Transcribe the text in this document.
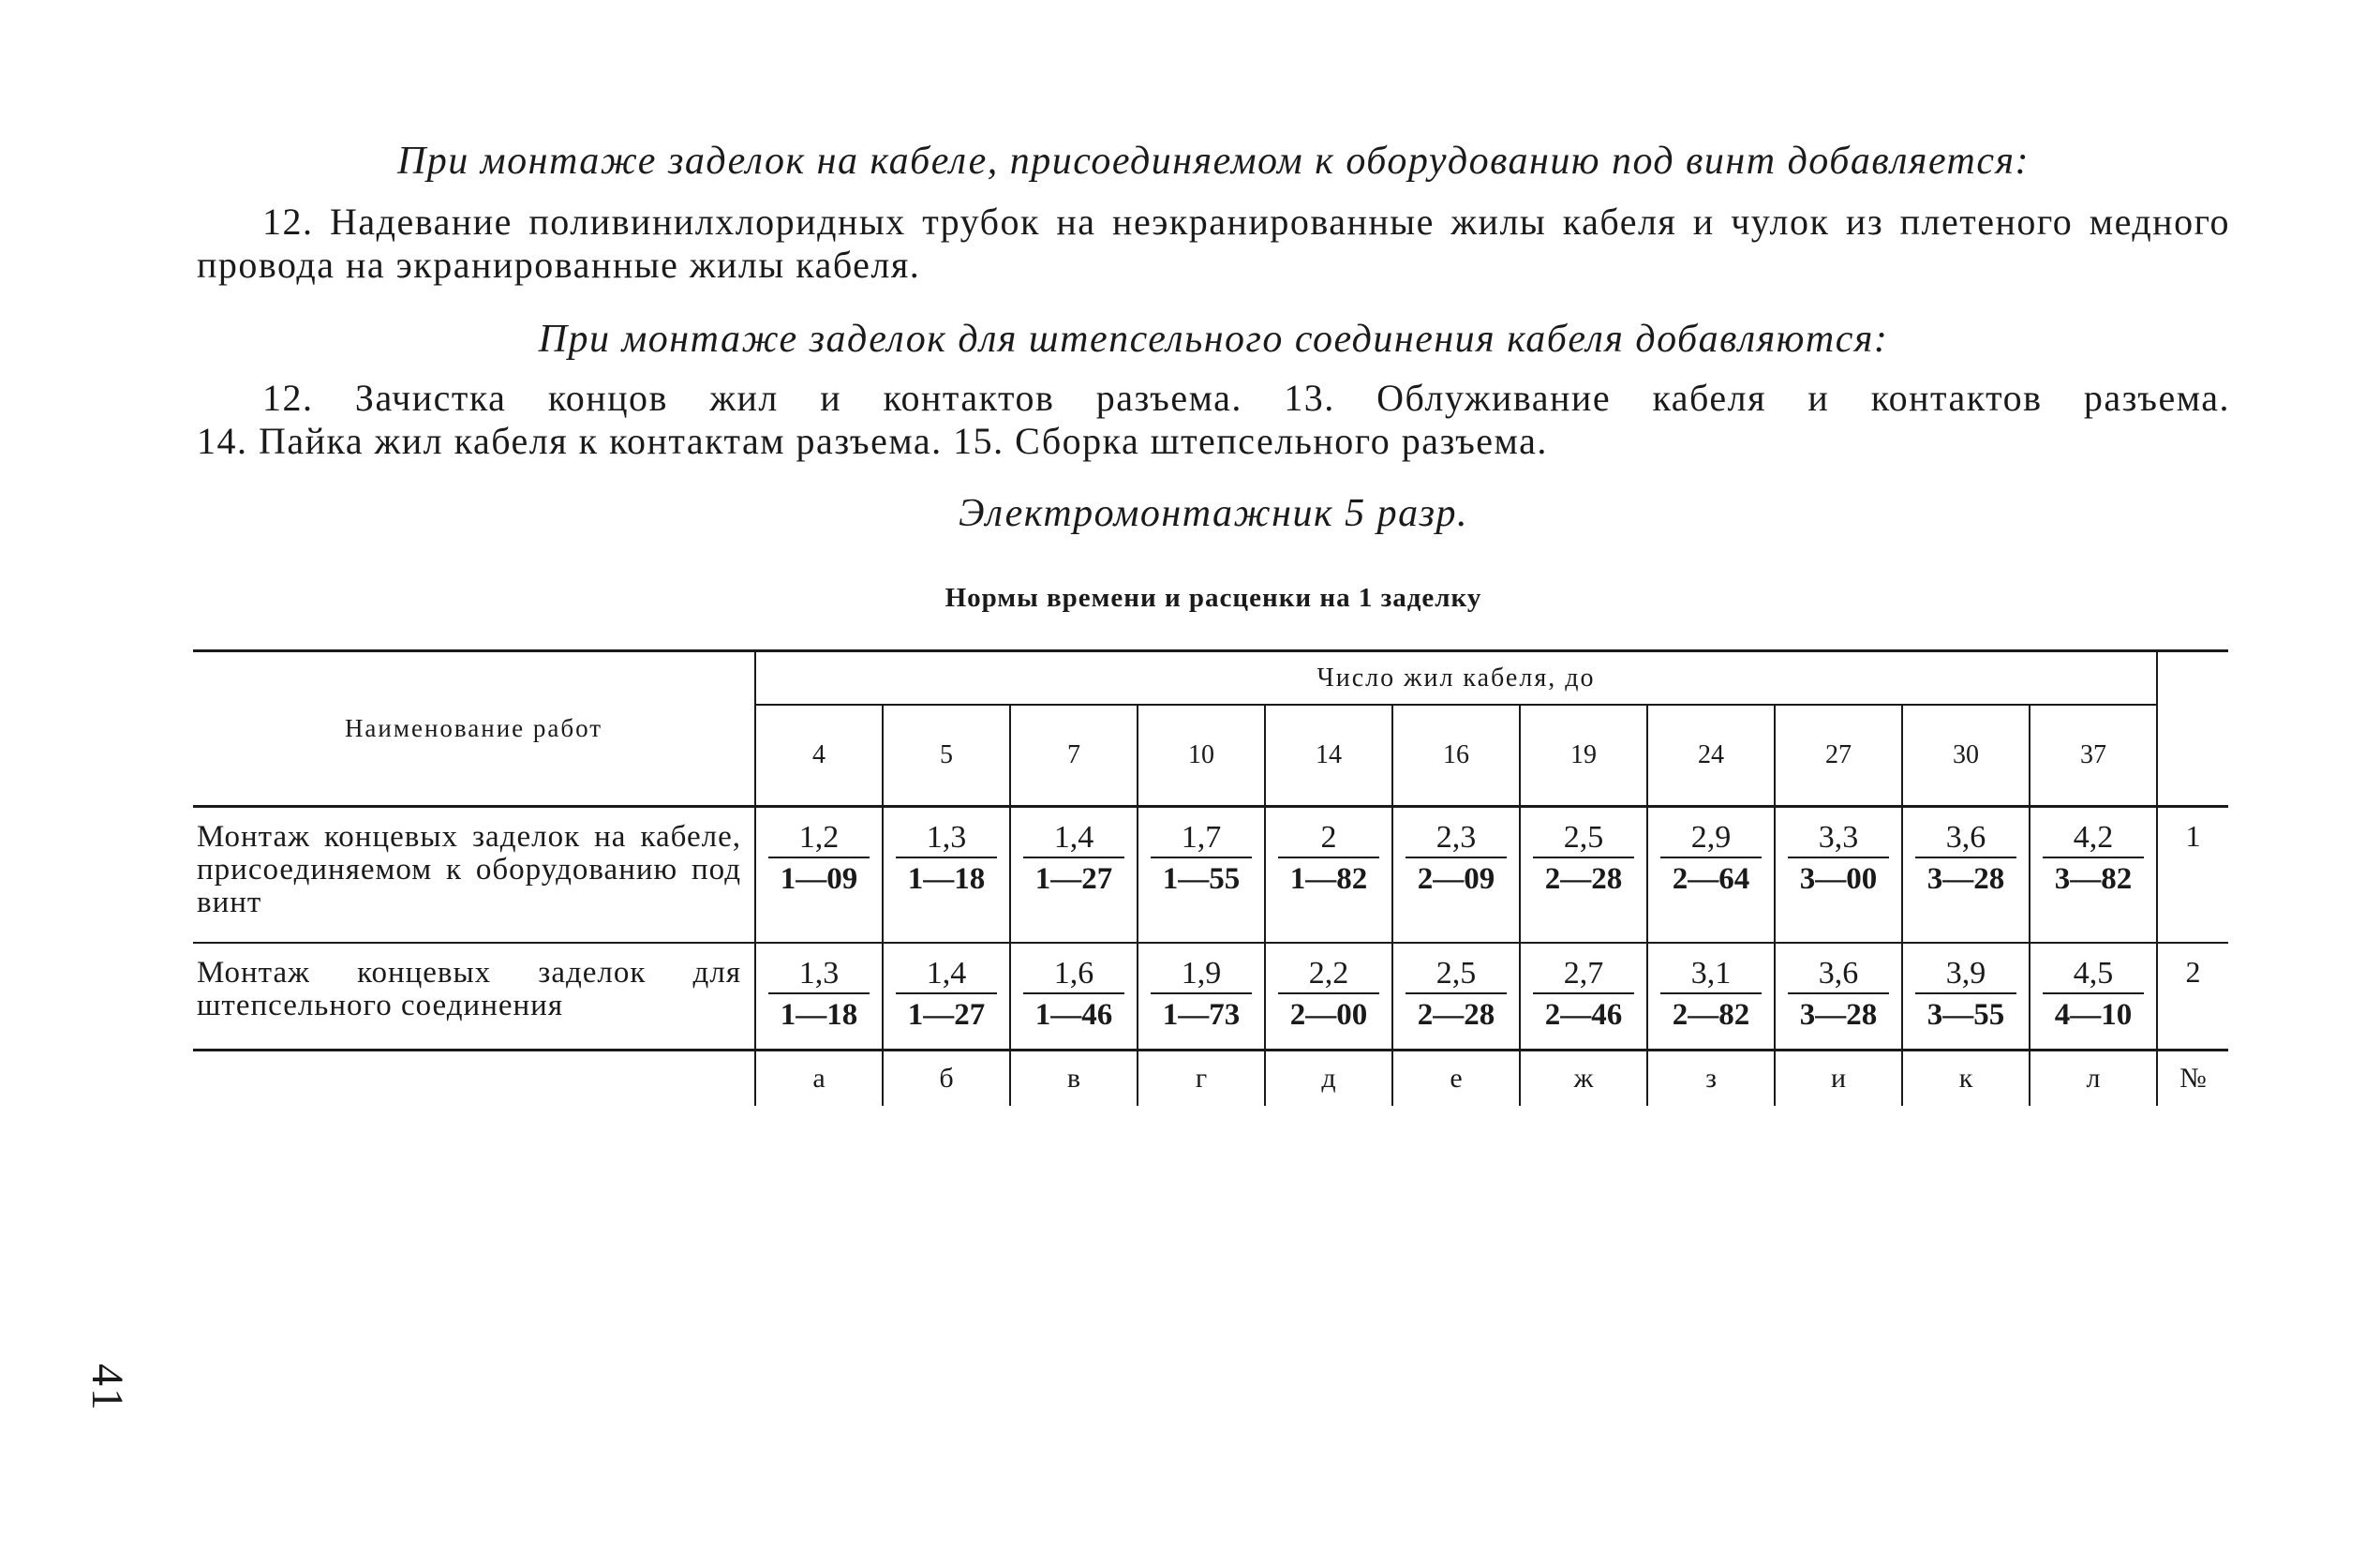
При монтаже заделок на кабеле, присоединяемом к оборудованию под винт добавляется:

12. Надевание поливинилхлоридных трубок на неэкранированные жилы кабеля и чулок из плетеного медного провода на экранированные жилы кабеля.

При монтаже заделок для штепсельного соединения кабеля добавляются:

12. Зачистка концов жил и контактов разъема. 13. Облуживание кабеля и контактов разъема.

14. Пайка жил кабеля к контактам разъема. 15. Сборка штепсельного разъема.

Электромонтажник 5 разр.
Нормы времени и расценки на 1 заделку
Наименование работ	Число жил кабеля, до											
	4	5	7	10	14	16	19	24	27	30	37	
Монтаж концевых заделок на кабеле, присоединяемом к оборудованию под винт	$\frac{1,2}{1—09}$	$\frac{1,3}{1—18}$	$\frac{1,4}{1—27}$	$\frac{1,7}{1—55}$	$\frac{2}{1—82}$	$\frac{2,3}{2—09}$	$\frac{2,5}{2—28}$	$\frac{2,9}{2—64}$	$\frac{3,3}{3—00}$	$\frac{3,6}{3—28}$	$\frac{4,2}{3—82}$	1
Монтаж концевых заделок для штепсельного соединения	$\frac{1,3}{1—18}$	$\frac{1,4}{1—27}$	$\frac{1,6}{1—46}$	$\frac{1,9}{1—73}$	$\frac{2,2}{2—00}$	$\frac{2,5}{2—28}$	$\frac{2,7}{2—46}$	$\frac{3,1}{2—82}$	$\frac{3,6}{3—28}$	$\frac{3,9}{3—55}$	$\frac{4,5}{4—10}$	2
	а	б	в	г	д	е	ж	з	и	к	л	№
41
